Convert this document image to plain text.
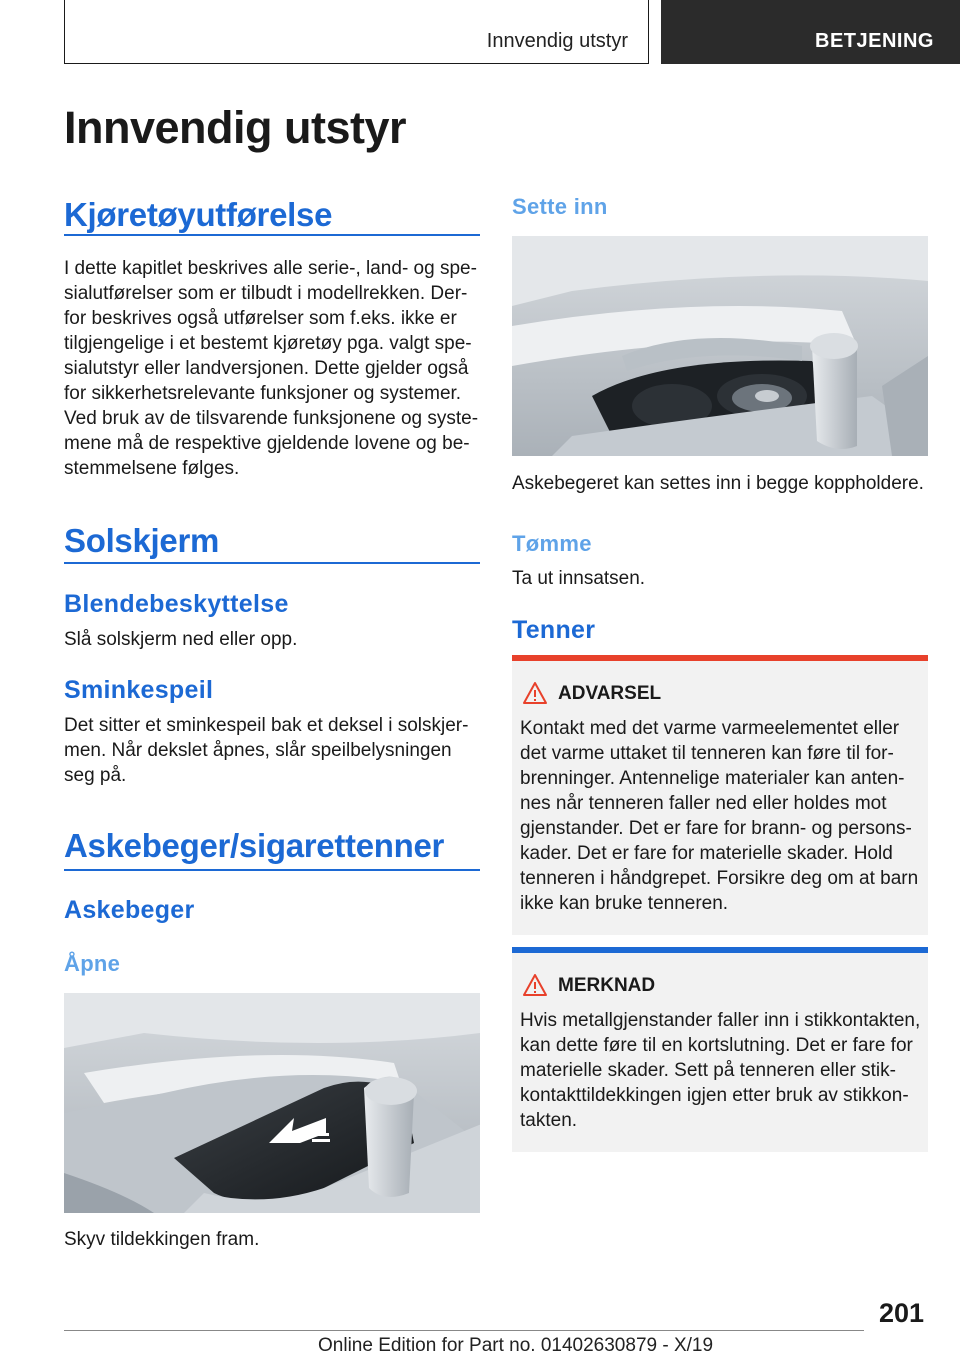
Innvendig utstyr	BETJENING
Innvendig utstyr
Kjøretøyutførelse

I dette kapitlet beskrives alle serie-, land- og spe‐

sialutførelser som er tilbudt i modellrekken. Der‐

for beskrives også utførelser som f.eks. ikke er

tilgjengelige i et bestemt kjøretøy pga. valgt spe‐

sialutstyr eller landversjonen. Dette gjelder også

for sikkerhetsrelevante funksjoner og systemer.

Ved bruk av de tilsvarende funksjonene og syste‐

mene må de respektive gjeldende lovene og be‐

stemmelsene følges.

Solskjerm
Blendebeskyttelse

Slå solskjerm ned eller opp.

Sminkespeil

Det sitter et sminkespeil bak et deksel i solskjer‐

men. Når dekslet åpnes, slår speilbelysningen

seg på.

Askebeger/sigarettenner
Askebeger
Åpne

Skyv tildekkingen fram.

Sette inn

Askebegeret kan settes inn i begge koppholdere.

Tømme

Ta ut innsatsen.

Tenner
ADVARSEL
Kontakt med det varme varmeelementet eller
det varme uttaket til tenneren kan føre til for‐
brenninger. Antennelige materialer kan anten‐
nes når tenneren faller ned eller holdes mot
gjenstander. Det er fare for brann- og persons‐
kader. Det er fare for materielle skader. Hold
tenneren i håndgrepet. Forsikre deg om at barn
ikke kan bruke tenneren.
MERKNAD
Hvis metallgjenstander faller inn i stikkontakten,
kan dette føre til en kortslutning. Det er fare for
materielle skader. Sett på tenneren eller stik‐
kontakttildekkingen igjen etter bruk av stikkon‐
takten.
201
Online Edition for Part no. 01402630879 - X/19
